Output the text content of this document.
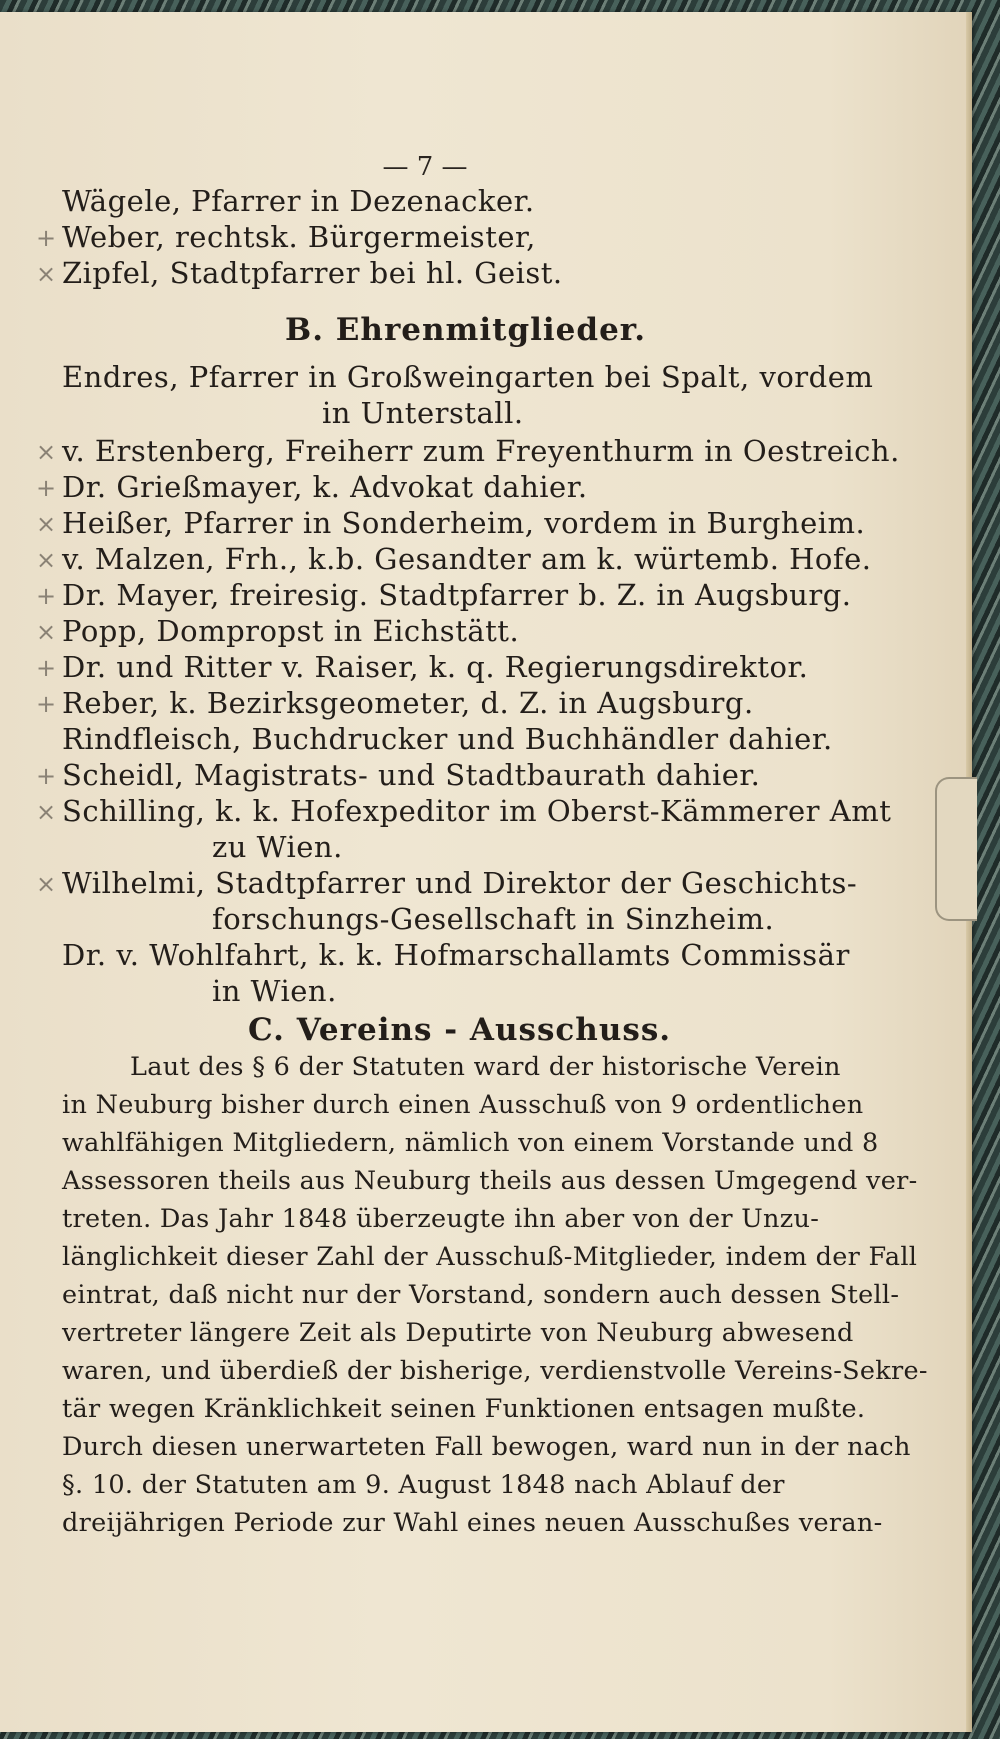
— 7 —
Wägele, Pfarrer in Dezenacker.
Weber, rechtsk. Bürgermeister,
Zipfel, Stadtpfarrer bei hl. Geist.
B. Ehrenmitglieder.
Endres, Pfarrer in Großweingarten bei Spalt, vordem
in Unterstall.
v. Erstenberg, Freiherr zum Freyenthurm in Oestreich.
Dr. Grießmayer, k. Advokat dahier.
Heißer, Pfarrer in Sonderheim, vordem in Burgheim.
v. Malzen, Frh., k.b. Gesandter am k. würtemb. Hofe.
Dr. Mayer, freiresig. Stadtpfarrer b. Z. in Augsburg.
Popp, Dompropst in Eichstätt.
Dr. und Ritter v. Raiser, k. q. Regierungsdirektor.
Reber, k. Bezirksgeometer, d. Z. in Augsburg.
Rindfleisch, Buchdrucker und Buchhändler dahier.
Scheidl, Magistrats- und Stadtbaurath dahier.
Schilling, k. k. Hofexpeditor im Oberst-Kämmerer Amt
zu Wien.
Wilhelmi, Stadtpfarrer und Direktor der Geschichts-
forschungs-Gesellschaft in Sinzheim.
Dr. v. Wohlfahrt, k. k. Hofmarschallamts Commissär
in Wien.
C. Vereins - Ausschuss.
Laut des § 6 der Statuten ward der historische Verein
in Neuburg bisher durch einen Ausschuß von 9 ordentlichen
wahlfähigen Mitgliedern, nämlich von einem Vorstande und 8
Assessoren theils aus Neuburg theils aus dessen Umgegend ver-
treten. Das Jahr 1848 überzeugte ihn aber von der Unzu-
länglichkeit dieser Zahl der Ausschuß-Mitglieder, indem der Fall
eintrat, daß nicht nur der Vorstand, sondern auch dessen Stell-
vertreter längere Zeit als Deputirte von Neuburg abwesend
waren, und überdieß der bisherige, verdienstvolle Vereins-Sekre-
tär wegen Kränklichkeit seinen Funktionen entsagen mußte.
Durch diesen unerwarteten Fall bewogen, ward nun in der nach
§. 10. der Statuten am 9. August 1848 nach Ablauf der
dreijährigen Periode zur Wahl eines neuen Ausschußes veran-
+
×
×
+
×
×
+
×
+
+
+
×
×
